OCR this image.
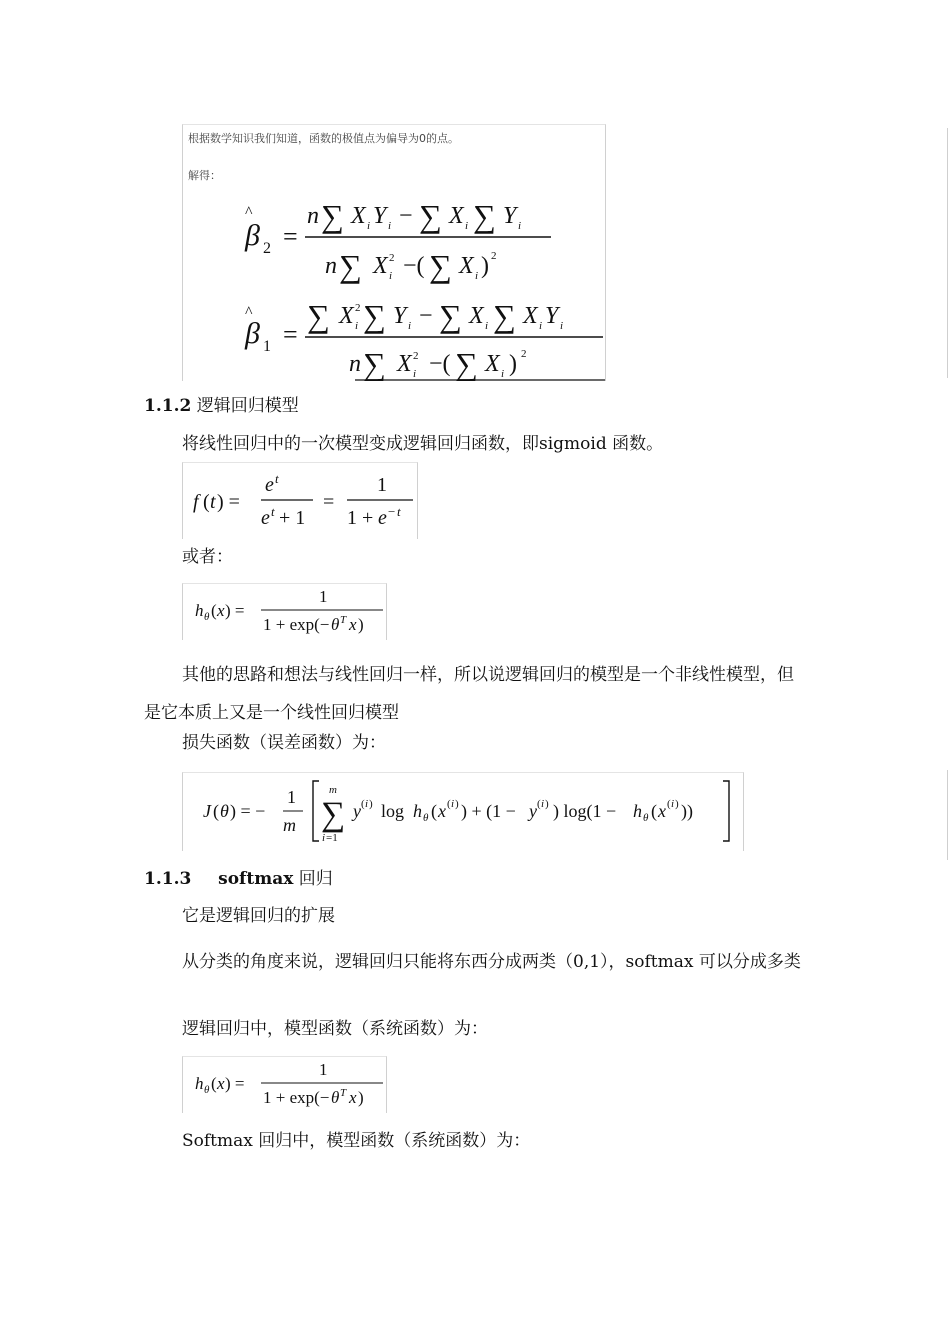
根据数学知识我们知道，函数的极值点为偏导为0的点。
解得：
^
β 2 =
n ∑ X i Y i − ∑ X i ∑ Y i
n ∑ X 2
i −( ∑ X i ) 2
^
β 1 =
∑ X 2
i ∑ Y i − ∑ X i ∑ X i Y i
n ∑ X 2
i −( ∑ X i ) 2
1.1.2 逻辑回归模型
将线性回归中的一次模型变成逻辑回归函数，即sigmoid 函数。
f ( t ) =
e t
e t + 1
=
1
1 + e − t
或者：
h θ ( x ) =
1
1 + exp(− θ T x )
其他的思路和想法与线性回归一样，所以说逻辑回归的模型是一个非线性模型，但是它本质上又是一个线性回归模型
损失函数（误差函数）为：
J ( θ ) = −
1
m
m
∑
i =1
y ( i ) log h θ ( x ( i ) ) + (1 − y ( i ) ) log(1 − h θ ( x ( i ) ))
1.1.3 softmax 回归
它是逻辑回归的扩展
从分类的角度来说，逻辑回归只能将东西分成两类（0,1），softmax 可以分成多类
逻辑回归中，模型函数（系统函数）为：
h θ ( x ) =
1
1 + exp(− θ T x )
Softmax 回归中，模型函数（系统函数）为：
